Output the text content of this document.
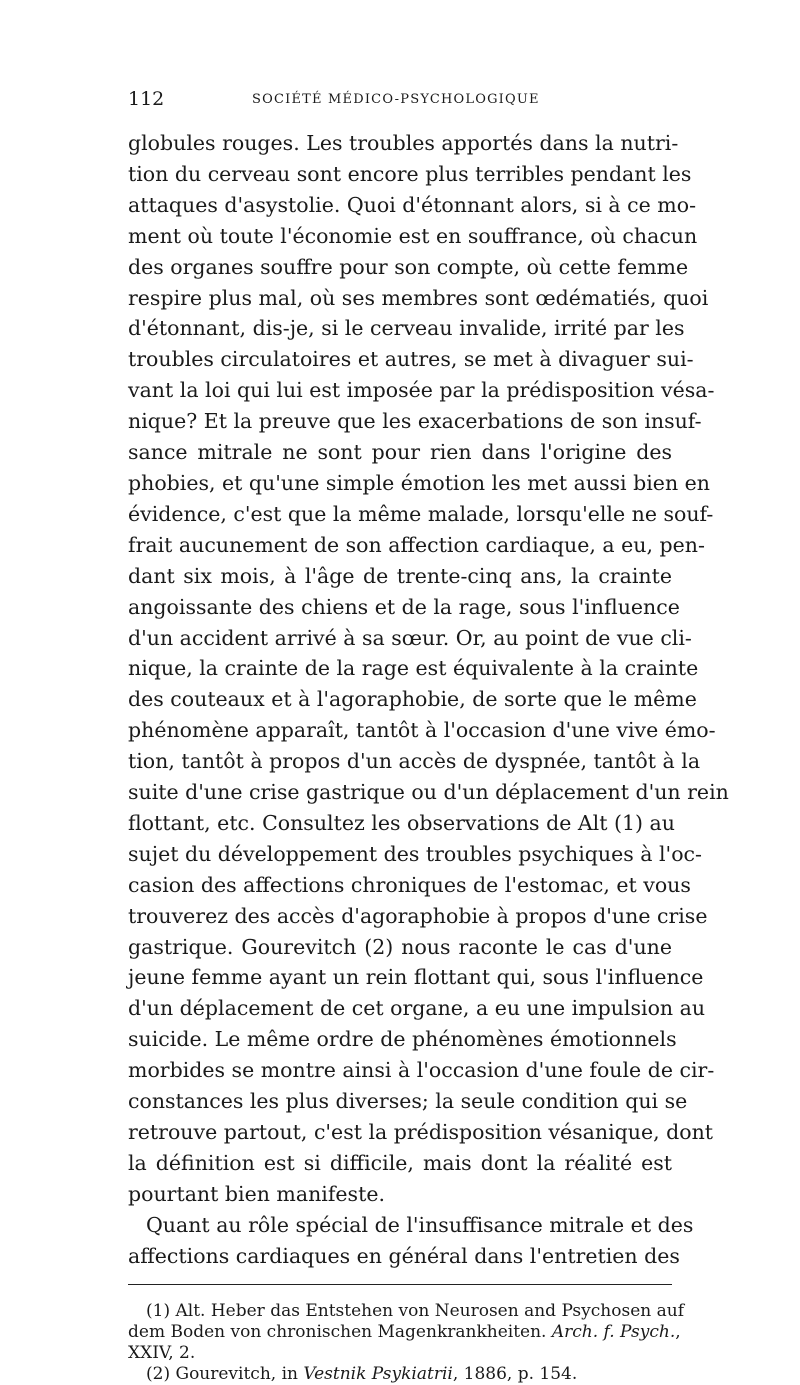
112	SOCIÉTÉ MÉDICO-PSYCHOLOGIQUE
globules rouges. Les troubles apportés dans la nutri-
tion du cerveau sont encore plus terribles pendant les
attaques d'asystolie. Quoi d'étonnant alors, si à ce mo-
ment où toute l'économie est en souffrance, où chacun
des organes souffre pour son compte, où cette femme
respire plus mal, où ses membres sont œdématiés, quoi
d'étonnant, dis-je, si le cerveau invalide, irrité par les
troubles circulatoires et autres, se met à divaguer sui-
vant la loi qui lui est imposée par la prédisposition vésa-
nique? Et la preuve que les exacerbations de son insuf-
sance mitrale ne sont pour rien dans l'origine des
phobies, et qu'une simple émotion les met aussi bien en
évidence, c'est que la même malade, lorsqu'elle ne souf-
frait aucunement de son affection cardiaque, a eu, pen-
dant six mois, à l'âge de trente-cinq ans, la crainte
angoissante des chiens et de la rage, sous l'influence
d'un accident arrivé à sa sœur. Or, au point de vue cli-
nique, la crainte de la rage est équivalente à la crainte
des couteaux et à l'agoraphobie, de sorte que le même
phénomène apparaît, tantôt à l'occasion d'une vive émo-
tion, tantôt à propos d'un accès de dyspnée, tantôt à la
suite d'une crise gastrique ou d'un déplacement d'un rein
flottant, etc. Consultez les observations de Alt (1) au
sujet du développement des troubles psychiques à l'oc-
casion des affections chroniques de l'estomac, et vous
trouverez des accès d'agoraphobie à propos d'une crise
gastrique. Gourevitch (2) nous raconte le cas d'une
jeune femme ayant un rein flottant qui, sous l'influence
d'un déplacement de cet organe, a eu une impulsion au
suicide. Le même ordre de phénomènes émotionnels
morbides se montre ainsi à l'occasion d'une foule de cir-
constances les plus diverses; la seule condition qui se
retrouve partout, c'est la prédisposition vésanique, dont
la définition est si difficile, mais dont la réalité est
pourtant bien manifeste.
Quant au rôle spécial de l'insuffisance mitrale et des
affections cardiaques en général dans l'entretien des
(1) Alt. Heber das Entstehen von Neurosen and Psychosen auf
dem Boden von chronischen Magenkrankheiten. Arch. f. Psych.,
XXIV, 2.
(2) Gourevitch, in Vestnik Psykiatrii, 1886, p. 154.
